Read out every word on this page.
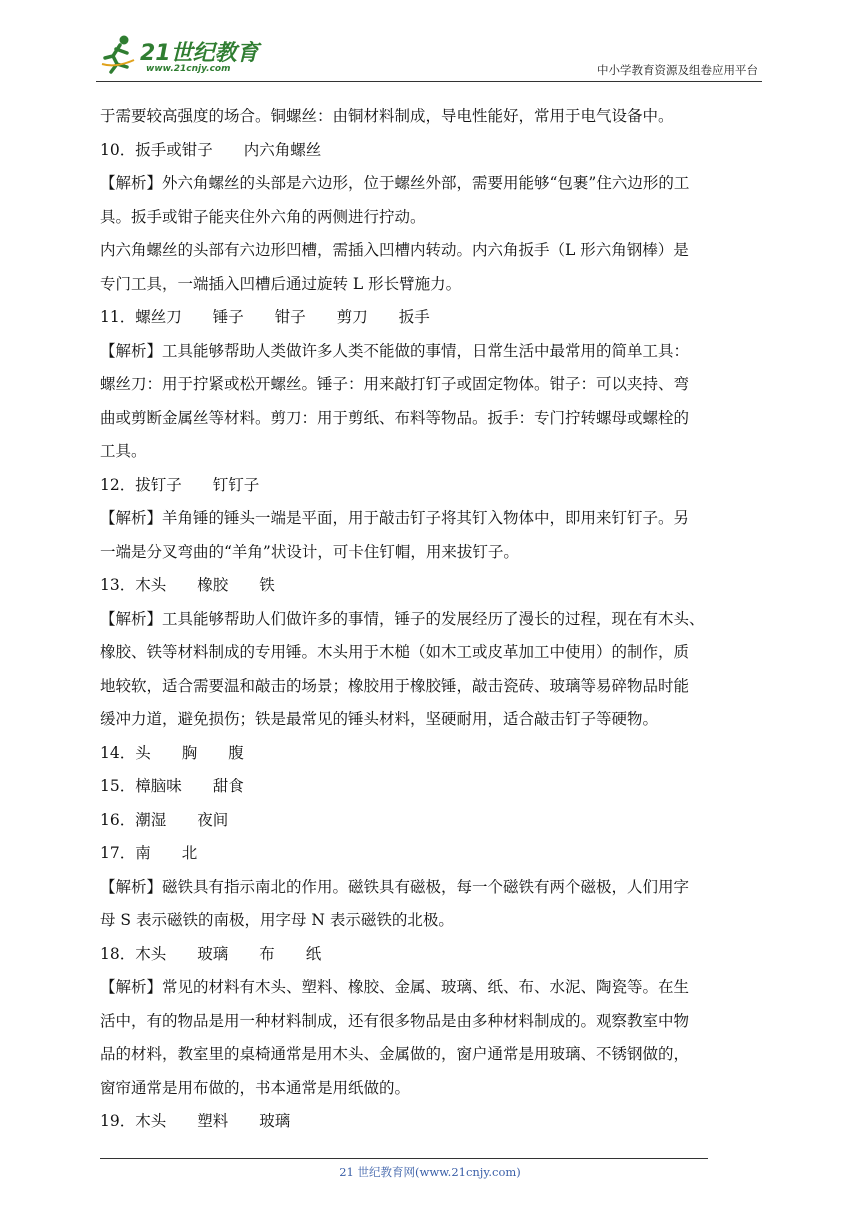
21世纪教育
www.21cnjy.com	中小学教育资源及组卷应用平台
于需要较高强度的场合。铜螺丝：由铜材料制成，导电性能好，常用于电气设备中。
10．扳手或钳子　　内六角螺丝
【解析】外六角螺丝的头部是六边形，位于螺丝外部，需要用能够“包裹”住六边形的工
具。扳手或钳子能夹住外六角的两侧进行拧动。
内六角螺丝的头部有六边形凹槽，需插入凹槽内转动。内六角扳手（L 形六角钢棒）是
专门工具，一端插入凹槽后通过旋转 L 形长臂施力。
11．螺丝刀　　锤子　　钳子　　剪刀　　扳手
【解析】工具能够帮助人类做许多人类不能做的事情，日常生活中最常用的简单工具：
螺丝刀：用于拧紧或松开螺丝。锤子：用来敲打钉子或固定物体。钳子：可以夹持、弯
曲或剪断金属丝等材料。剪刀：用于剪纸、布料等物品。扳手：专门拧转螺母或螺栓的
工具。
12．拔钉子　　钉钉子
【解析】羊角锤的锤头一端是平面，用于敲击钉子将其钉入物体中，即用来钉钉子。另
一端是分叉弯曲的“羊角”状设计，可卡住钉帽，用来拔钉子。
13．木头　　橡胶　　铁
【解析】工具能够帮助人们做许多的事情，锤子的发展经历了漫长的过程，现在有木头、
橡胶、铁等材料制成的专用锤。木头用于木槌（如木工或皮革加工中使用）的制作，质
地较软，适合需要温和敲击的场景；橡胶用于橡胶锤，敲击瓷砖、玻璃等易碎物品时能
缓冲力道，避免损伤；铁是最常见的锤头材料，坚硬耐用，适合敲击钉子等硬物。
14．头　　胸　　腹
15．樟脑味　　甜食
16．潮湿　　夜间
17．南　　北
【解析】磁铁具有指示南北的作用。磁铁具有磁极，每一个磁铁有两个磁极，人们用字
母 S 表示磁铁的南极，用字母 N 表示磁铁的北极。
18．木头　　玻璃　　布　　纸
【解析】常见的材料有木头、塑料、橡胶、金属、玻璃、纸、布、水泥、陶瓷等。在生
活中，有的物品是用一种材料制成，还有很多物品是由多种材料制成的。观察教室中物
品的材料，教室里的桌椅通常是用木头、金属做的，窗户通常是用玻璃、不锈钢做的，
窗帘通常是用布做的，书本通常是用纸做的。
19．木头　　塑料　　玻璃
21 世纪教育网(www.21cnjy.com)
